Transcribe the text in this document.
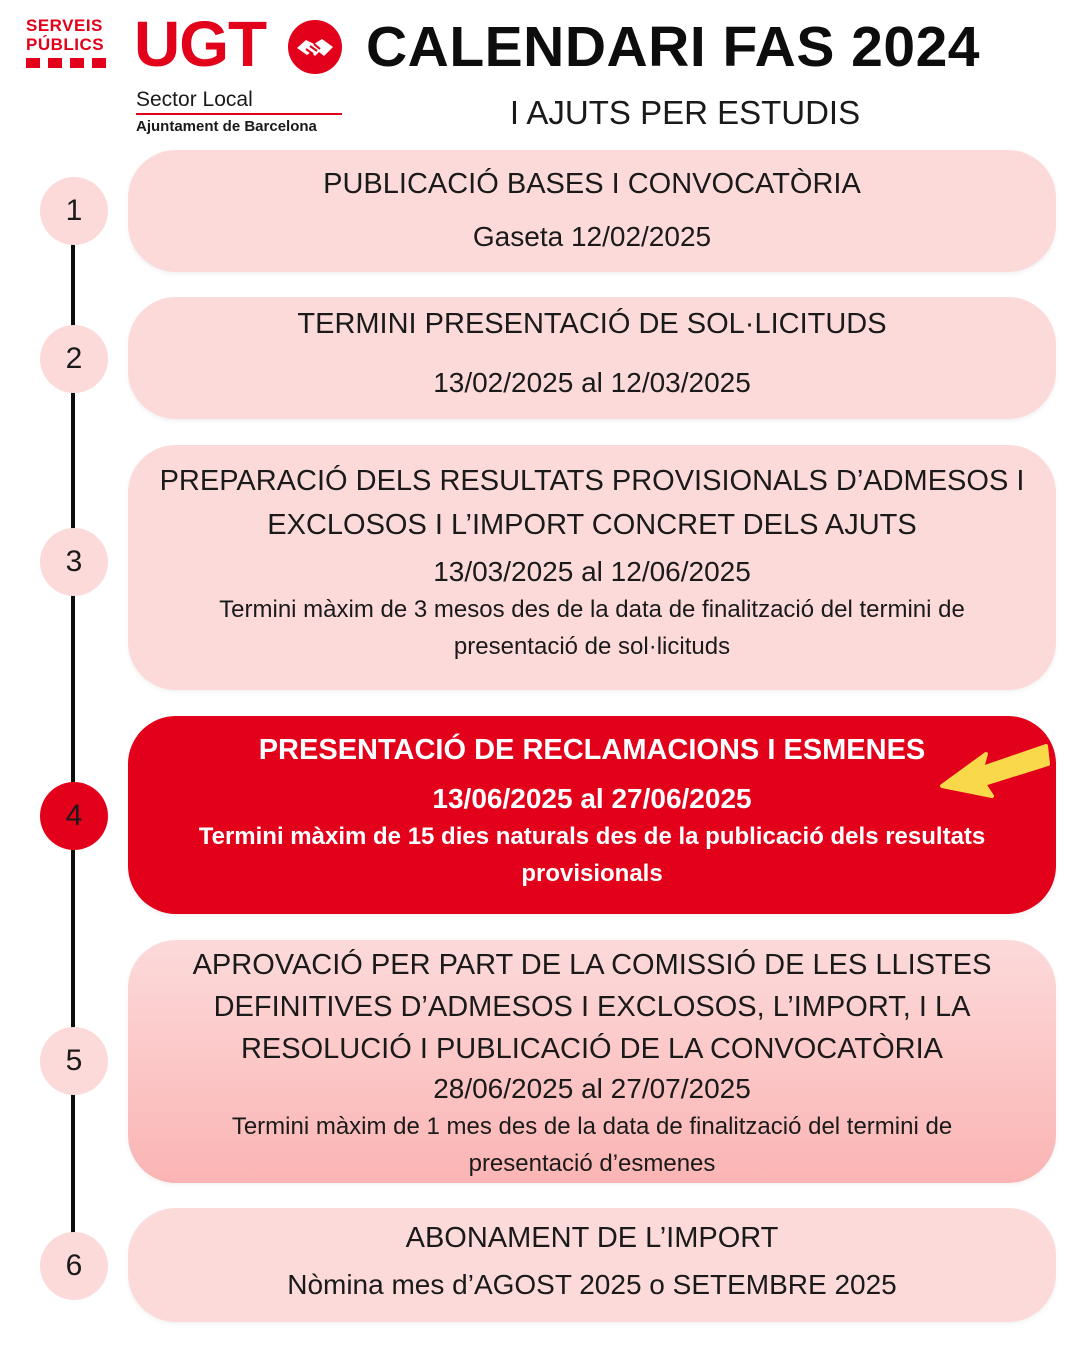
SERVEIS
PÚBLICS UGT
Sector Local
Ajuntament de Barcelona
CALENDARI FAS 2024
I AJUTS PER ESTUDIS
1
PUBLICACIÓ BASES I CONVOCATÒRIA
Gaseta 12/02/2025
2
TERMINI PRESENTACIÓ DE SOL·LICITUDS
13/02/2025 al 12/03/2025
3
PREPARACIÓ DELS RESULTATS PROVISIONALS D’ADMESOS I
EXCLOSOS I L’IMPORT CONCRET DELS AJUTS
13/03/2025 al 12/06/2025
Termini màxim de 3 mesos des de la data de finalització del termini de
presentació de sol·licituds
4
PRESENTACIÓ DE RECLAMACIONS I ESMENES
13/06/2025 al 27/06/2025
Termini màxim de 15 dies naturals des de la publicació dels resultats
provisionals
5
APROVACIÓ PER PART DE LA COMISSIÓ DE LES LLISTES
DEFINITIVES D’ADMESOS I EXCLOSOS, L’IMPORT, I LA
RESOLUCIÓ I PUBLICACIÓ DE LA CONVOCATÒRIA
28/06/2025 al 27/07/2025
Termini màxim de 1 mes des de la data de finalització del termini de
presentació d’esmenes
6
ABONAMENT DE L’IMPORT
Nòmina mes d’AGOST 2025 o SETEMBRE 2025
